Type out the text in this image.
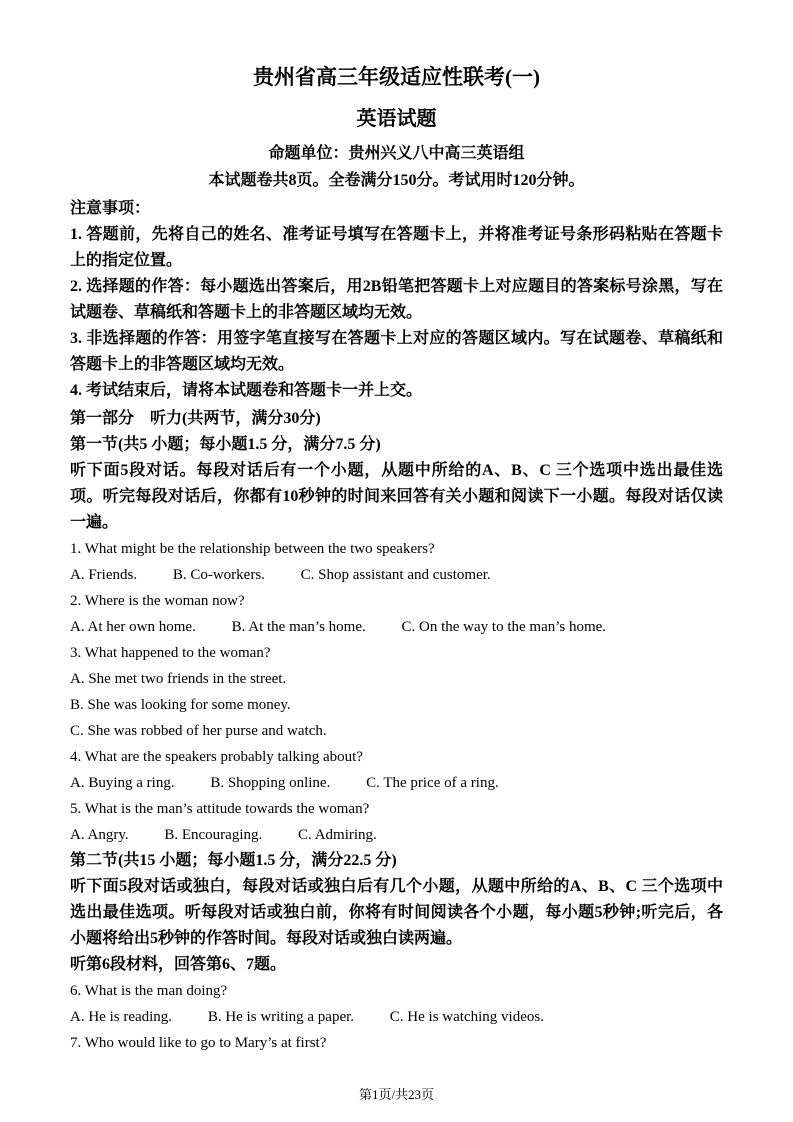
贵州省高三年级适应性联考(一)
英语试题
命题单位：贵州兴义八中高三英语组
本试题卷共8页。全卷满分150分。考试用时120分钟。
注意事项：
1. 答题前，先将自己的姓名、准考证号填写在答题卡上，并将准考证号条形码粘贴在答题卡上的指定位置。
2. 选择题的作答：每小题选出答案后，用2B铅笔把答题卡上对应题目的答案标号涂黑，写在试题卷、草稿纸和答题卡上的非答题区域均无效。
3. 非选择题的作答：用签字笔直接写在答题卡上对应的答题区域内。写在试题卷、草稿纸和答题卡上的非答题区域均无效。
4. 考试结束后，请将本试题卷和答题卡一并上交。
第一部分　听力(共两节，满分30分)
第一节(共5 小题；每小题1.5 分，满分7.5 分)
听下面5段对话。每段对话后有一个小题，从题中所给的A、B、C 三个选项中选出最佳选项。听完每段对话后，你都有10秒钟的时间来回答有关小题和阅读下一小题。每段对话仅读一遍。
1. What might be the relationship between the two speakers?
A. Friends. B. Co-workers. C. Shop assistant and customer.
2. Where is the woman now?
A. At her own home. B. At the man’s home. C. On the way to the man’s home.
3. What happened to the woman?
A. She met two friends in the street.
B. She was looking for some money.
C. She was robbed of her purse and watch.
4. What are the speakers probably talking about?
A. Buying a ring. B. Shopping online. C. The price of a ring.
5. What is the man’s attitude towards the woman?
A. Angry. B. Encouraging. C. Admiring.
第二节(共15 小题；每小题1.5 分，满分22.5 分)
听下面5段对话或独白，每段对话或独白后有几个小题，从题中所给的A、B、C 三个选项中选出最佳选项。听每段对话或独白前，你将有时间阅读各个小题，每小题5秒钟;听完后，各小题将给出5秒钟的作答时间。每段对话或独白读两遍。
听第6段材料，回答第6、7题。
6. What is the man doing?
A. He is reading. B. He is writing a paper. C. He is watching videos.
7. Who would like to go to Mary’s at first?
第1页/共23页
